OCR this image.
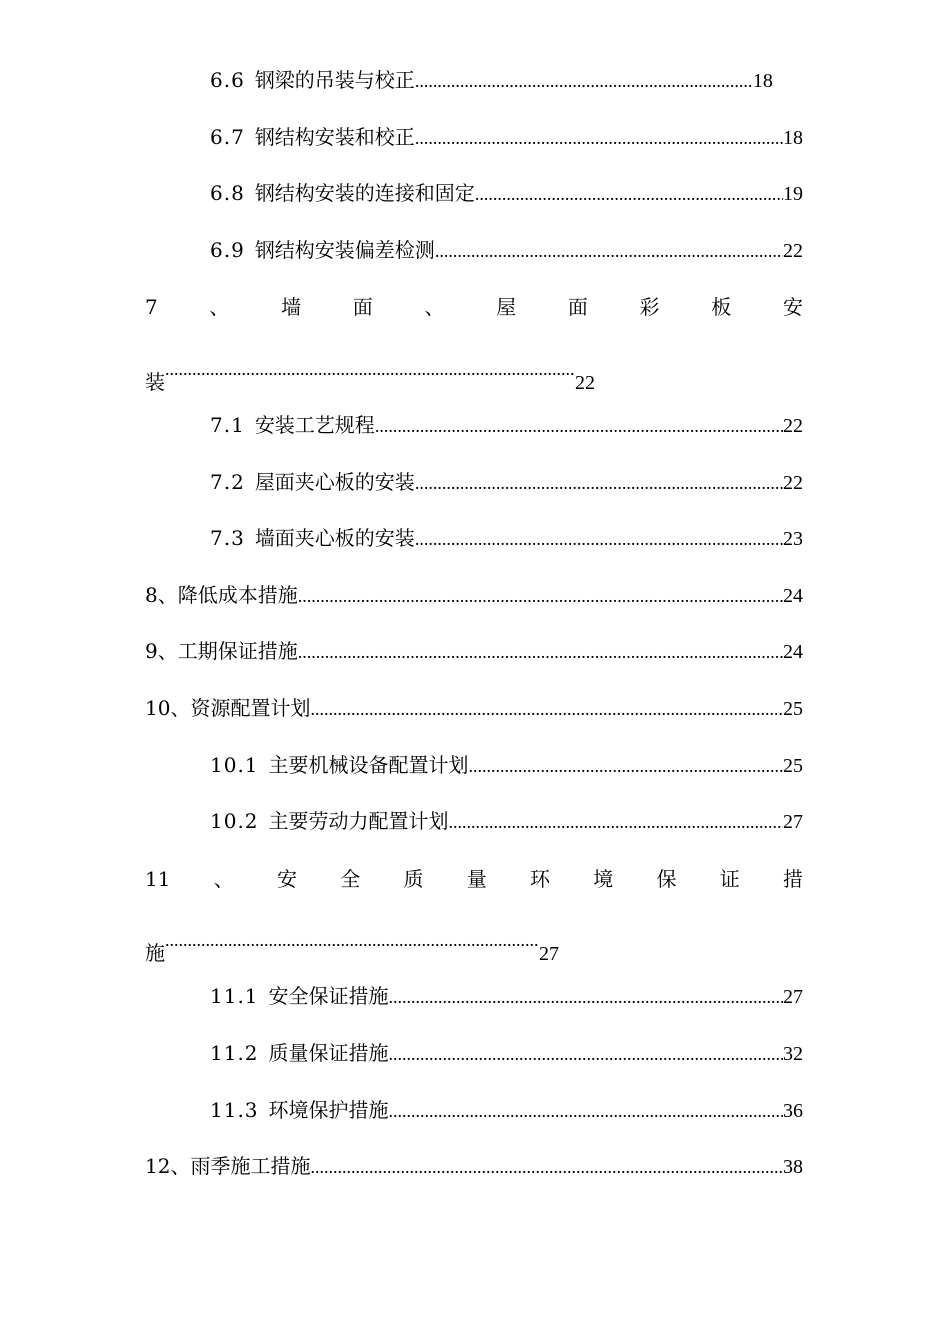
6.6 钢梁的吊装与校正 .....	18
6.7 钢结构安装和校正 .....	18
6.8 钢结构安装的连接和固定 .....	19
6.9 钢结构安装偏差检测 .....	22
7	、	墙	面	、	屋	面	彩	板	安
装 .....	22
7.1 安装工艺规程 .....	22
7.2 屋面夹心板的安装 .....	22
7.3 墙面夹心板的安装 .....	23
8、降低成本措施 .....	24
9、工期保证措施 .....	24
10、资源配置计划 .....	25
10.1 主要机械设备配置计划 .....	25
10.2 主要劳动力配置计划 .....	27
11 、 安 全 质 量 环 境 保 证 措
施 .....	27
11.1 安全保证措施 .....	27
11.2 质量保证措施 .....	32
11.3 环境保护措施 .....	36
12、雨季施工措施 .....	38
